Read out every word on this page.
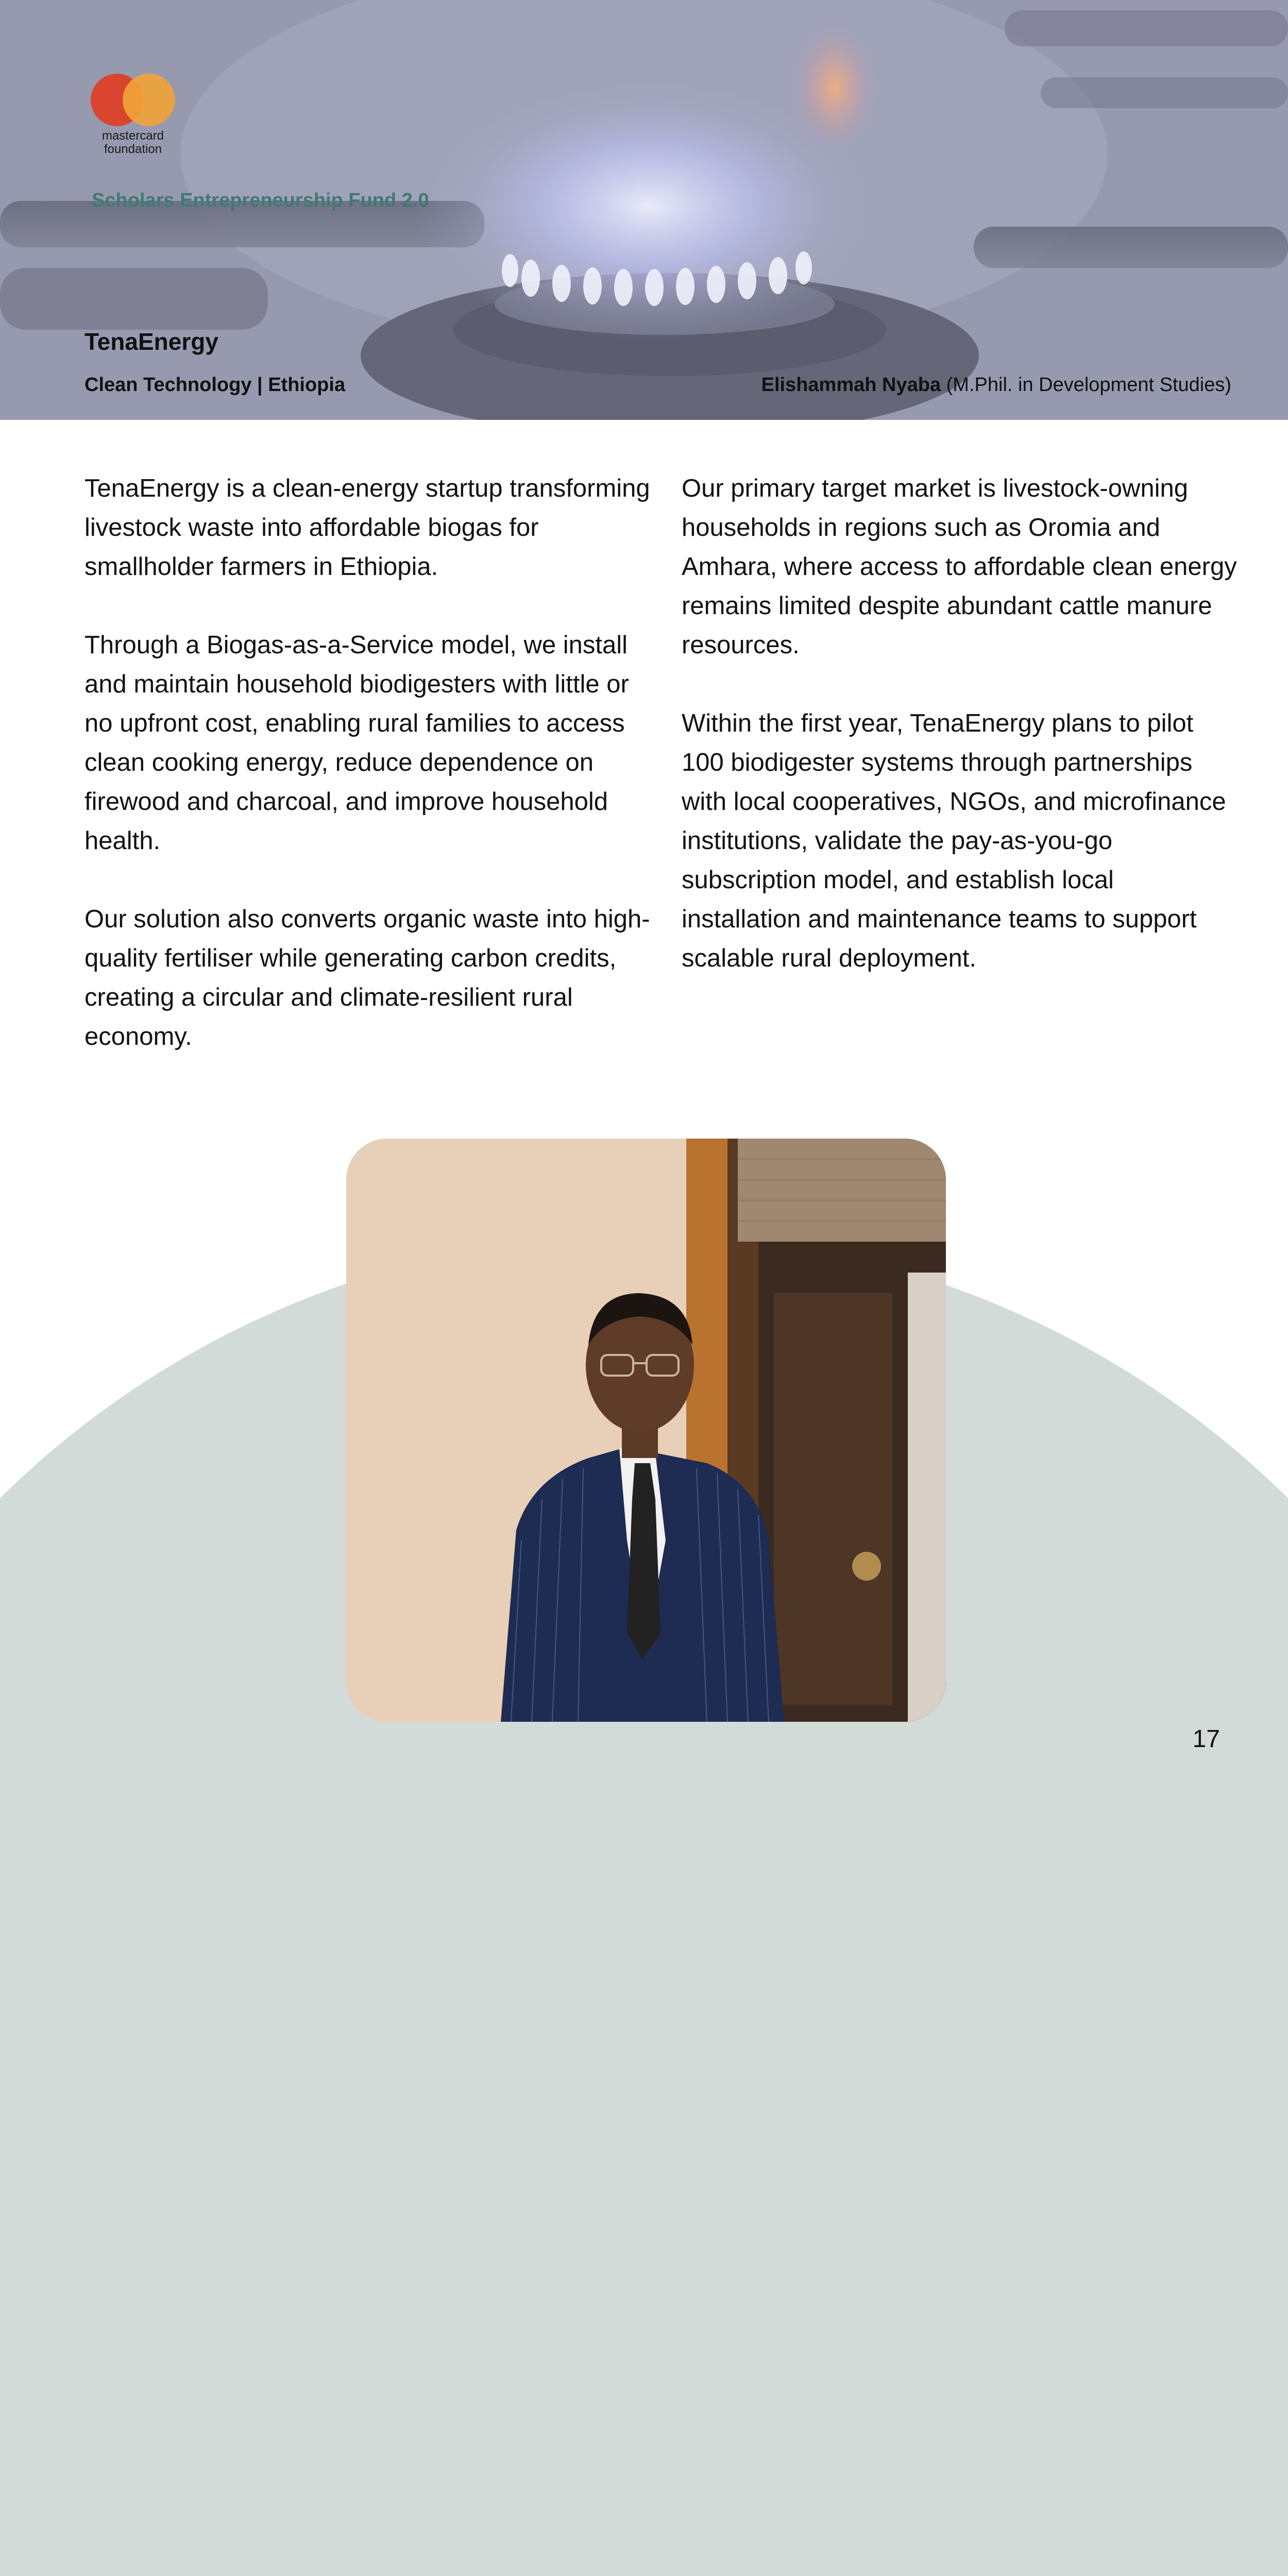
mastercard
foundation
Scholars Entrepreneurship Fund 2.0
TenaEnergy
Clean Technology | Ethiopia	Elishammah Nyaba (M.Phil. in Development Studies)

TenaEnergy is a clean-energy startup transforming livestock waste into affordable biogas for smallholder farmers in Ethiopia.

Through a Biogas-as-a-Service model, we install and maintain household biodigesters with little or no upfront cost, enabling rural families to access clean cooking energy, reduce dependence on firewood and charcoal, and improve household health.

Our solution also converts organic waste into high-quality fertiliser while generating carbon credits, creating a circular and climate-resilient rural economy.

Our primary target market is livestock-owning households in regions such as Oromia and Amhara, where access to affordable clean energy remains limited despite abundant cattle manure resources.

Within the first year, TenaEnergy plans to pilot 100 biodigester systems through partnerships with local cooperatives, NGOs, and microfinance institutions, validate the pay-as-you-go subscription model, and establish local installation and maintenance teams to support scalable rural deployment.

17
